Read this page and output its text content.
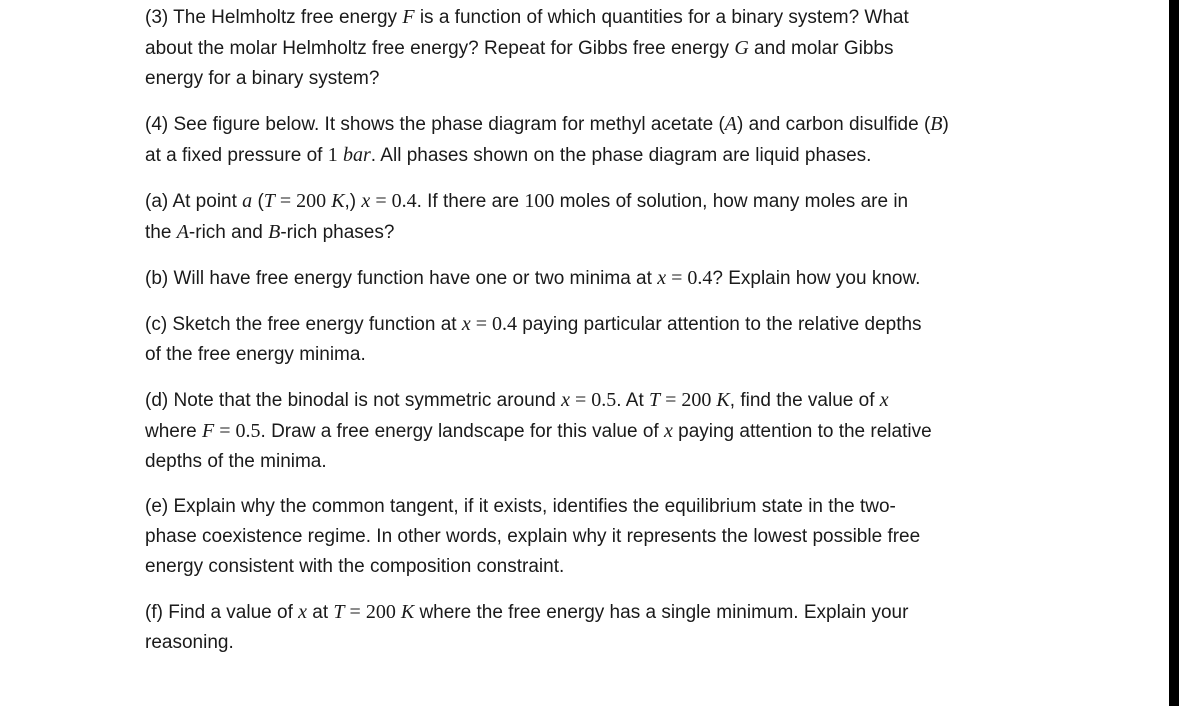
(3) The Helmholtz free energy F is a function of which quantities for a binary system? What
about the molar Helmholtz free energy? Repeat for Gibbs free energy G and molar Gibbs
energy for a binary system?
(4) See figure below. It shows the phase diagram for methyl acetate (A) and carbon disulfide (B)
at a fixed pressure of 1 bar. All phases shown on the phase diagram are liquid phases.
(a) At point a (T = 200 K,) x = 0.4. If there are 100 moles of solution, how many moles are in
the A-rich and B-rich phases?
(b) Will have free energy function have one or two minima at x = 0.4? Explain how you know.
(c) Sketch the free energy function at x = 0.4 paying particular attention to the relative depths
of the free energy minima.
(d) Note that the binodal is not symmetric around x = 0.5. At T = 200 K, find the value of x
where F = 0.5. Draw a free energy landscape for this value of x paying attention to the relative
depths of the minima.
(e) Explain why the common tangent, if it exists, identifies the equilibrium state in the two-
phase coexistence regime. In other words, explain why it represents the lowest possible free
energy consistent with the composition constraint.
(f) Find a value of x at T = 200 K where the free energy has a single minimum. Explain your
reasoning.
